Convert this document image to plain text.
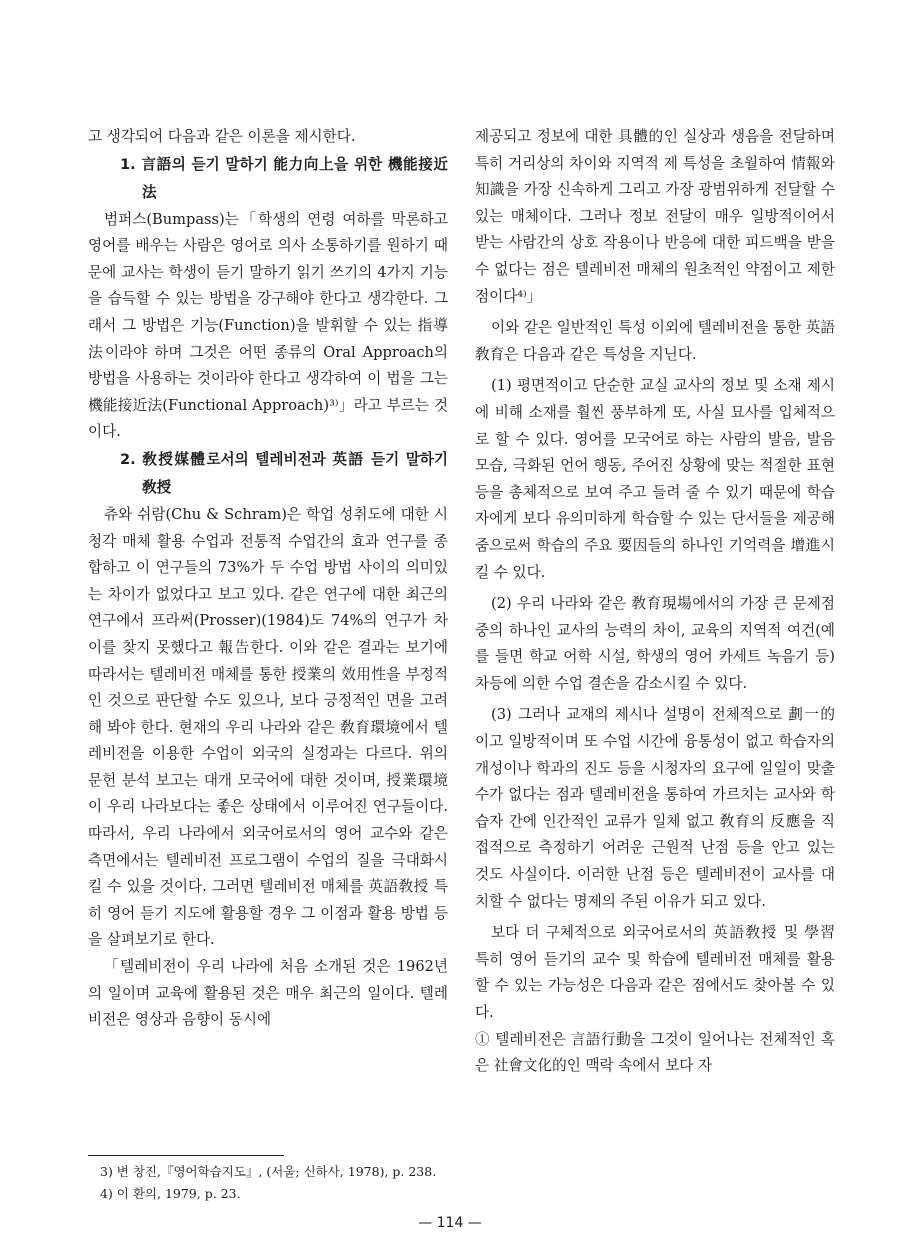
고 생각되어 다음과 같은 이론을 제시한다.

1. 言語의 듣기 말하기 能力向上을 위한 機能接近法

범퍼스(Bumpass)는「학생의 연령 여하를 막론하고 영어를 배우는 사람은 영어로 의사 소통하기를 원하기 때문에 교사는 학생이 듣기 말하기 읽기 쓰기의 4가지 기능을 습득할 수 있는 방법을 강구해야 한다고 생각한다. 그래서 그 방법은 기능(Function)을 발휘할 수 있는 指導法이라야 하며 그것은 어떤 종류의 Oral Approach의 방법을 사용하는 것이라야 한다고 생각하여 이 법을 그는 機能接近法(Functional Approach)³⁾」라고 부르는 것이다.

2. 敎授媒體로서의 텔레비전과 英語 듣기 말하기 敎授

츄와 쉬람(Chu & Schram)은 학업 성취도에 대한 시청각 매체 활용 수업과 전통적 수업간의 효과 연구를 종합하고 이 연구들의 73%가 두 수업 방법 사이의 의미있는 차이가 없었다고 보고 있다. 같은 연구에 대한 최근의 연구에서 프라써(Prosser)(1984)도 74%의 연구가 차이를 찾지 못했다고 報告한다. 이와 같은 결과는 보기에 따라서는 텔레비전 매체를 통한 授業의 效用性을 부정적인 것으로 판단할 수도 있으나, 보다 긍정적인 면을 고려해 봐야 한다. 현재의 우리 나라와 같은 敎育環境에서 텔레비전을 이용한 수업이 외국의 실정과는 다르다. 위의 문헌 분석 보고는 대개 모국어에 대한 것이며, 授業環境이 우리 나라보다는 좋은 상태에서 이루어진 연구들이다. 따라서, 우리 나라에서 외국어로서의 영어 교수와 같은 측면에서는 텔레비전 프로그램이 수업의 질을 극대화시킬 수 있을 것이다. 그러면 텔레비전 매체를 英語敎授 특히 영어 듣기 지도에 활용할 경우 그 이점과 활용 방법 등을 살펴보기로 한다.

「텔레비전이 우리 나라에 처음 소개된 것은 1962년의 일이며 교육에 활용된 것은 매우 최근의 일이다. 텔레비전은 영상과 음향이 동시에

제공되고 정보에 대한 具體的인 실상과 생음을 전달하며 특히 거리상의 차이와 지역적 제 특성을 초월하여 情報와 知識을 가장 신속하게 그리고 가장 광범위하게 전달할 수 있는 매체이다. 그러나 정보 전달이 매우 일방적이어서 받는 사람간의 상호 작용이나 반응에 대한 피드백을 받을 수 없다는 점은 텔레비전 매체의 원초적인 약점이고 제한점이다⁴⁾」

이와 같은 일반적인 특성 이외에 텔레비전을 통한 英語敎育은 다음과 같은 특성을 지닌다.

(1) 평면적이고 단순한 교실 교사의 정보 및 소재 제시에 비해 소재를 훨씬 풍부하게 또, 사실 묘사를 입체적으로 할 수 있다. 영어를 모국어로 하는 사람의 발음, 발음 모습, 극화된 언어 행동, 주어진 상황에 맞는 적절한 표현 등을 총체적으로 보여 주고 들려 줄 수 있기 때문에 학습자에게 보다 유의미하게 학습할 수 있는 단서들을 제공해 줌으로써 학습의 주요 要因들의 하나인 기억력을 增進시킬 수 있다.

(2) 우리 나라와 같은 敎育現場에서의 가장 큰 문제점 중의 하나인 교사의 능력의 차이, 교육의 지역적 여건(예를 들면 학교 어학 시설, 학생의 영어 카세트 녹음기 등) 차등에 의한 수업 결손을 감소시킬 수 있다.

(3) 그러나 교재의 제시나 설명이 전체적으로 劃一的이고 일방적이며 또 수업 시간에 융통성이 없고 학습자의 개성이나 학과의 진도 등을 시청자의 요구에 일일이 맞출 수가 없다는 점과 텔레비전을 통하여 가르치는 교사와 학습자 간에 인간적인 교류가 일체 없고 敎育의 反應을 직접적으로 측정하기 어려운 근원적 난점 등을 안고 있는 것도 사실이다. 이러한 난점 등은 텔레비전이 교사를 대치할 수 없다는 명제의 주된 이유가 되고 있다.

보다 더 구체적으로 외국어로서의 英語敎授 및 學習 특히 영어 듣기의 교수 및 학습에 텔레비전 매체를 활용할 수 있는 가능성은 다음과 같은 점에서도 찾아볼 수 있다.

① 텔레비전은 言語行動을 그것이 일어나는 전체적인 혹은 社會文化的인 맥락 속에서 보다 자

3) 변 창진,『영어학습지도』, (서울; 신하사, 1978), p. 238.
4) 이 환의, 1979, p. 23.
— 114 —
